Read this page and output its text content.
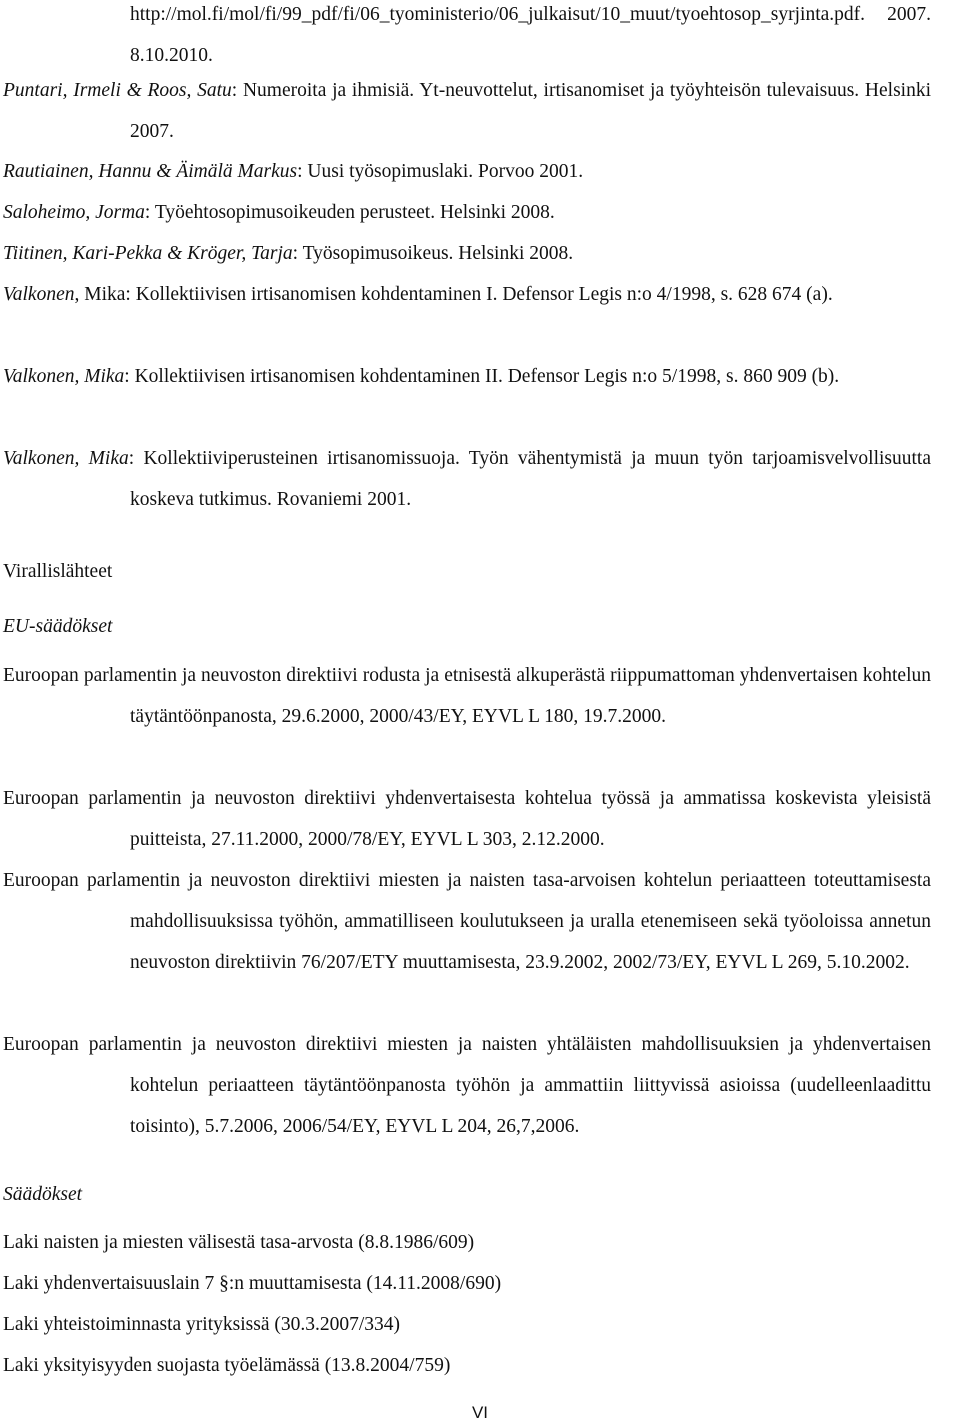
http://mol.fi/mol/fi/99_pdf/fi/06_tyoministerio/06_julkaisut/10_muut/tyoehtosop_syrjinta.pdf. 2007. 8.10.2010.
Puntari, Irmeli & Roos, Satu: Numeroita ja ihmisiä. Yt-neuvottelut, irtisanomiset ja työyhteisön tulevaisuus. Helsinki 2007.
Rautiainen, Hannu & Äimälä Markus: Uusi työsopimuslaki. Porvoo 2001.
Saloheimo, Jorma: Työehtosopimusoikeuden perusteet. Helsinki 2008.
Tiitinen, Kari-Pekka & Kröger, Tarja: Työsopimusoikeus. Helsinki 2008.
Valkonen, Mika: Kollektiivisen irtisanomisen kohdentaminen I. Defensor Legis n:o 4/1998, s. 628 674 (a).
Valkonen, Mika: Kollektiivisen irtisanomisen kohdentaminen II. Defensor Legis n:o 5/1998, s. 860 909 (b).
Valkonen, Mika: Kollektiiviperusteinen irtisanomissuoja. Työn vähentymistä ja muun työn tarjoamisvelvollisuutta koskeva tutkimus. Rovaniemi 2001.
Virallislähteet
EU-säädökset
Euroopan parlamentin ja neuvoston direktiivi rodusta ja etnisestä alkuperästä riippumattoman yhdenvertaisen kohtelun täytäntöönpanosta, 29.6.2000, 2000/43/EY, EYVL L 180, 19.7.2000.
Euroopan parlamentin ja neuvoston direktiivi yhdenvertaisesta kohtelua työssä ja ammatissa koskevista yleisistä puitteista, 27.11.2000, 2000/78/EY, EYVL L 303, 2.12.2000.
Euroopan parlamentin ja neuvoston direktiivi miesten ja naisten tasa-arvoisen kohtelun periaatteen toteuttamisesta mahdollisuuksissa työhön, ammatilliseen koulutukseen ja uralla etenemiseen sekä työoloissa annetun neuvoston direktiivin 76/207/ETY muuttamisesta, 23.9.2002, 2002/73/EY, EYVL L 269, 5.10.2002.
Euroopan parlamentin ja neuvoston direktiivi miesten ja naisten yhtäläisten mahdollisuuksien ja yhdenvertaisen kohtelun periaatteen täytäntöönpanosta työhön ja ammattiin liittyvissä asioissa (uudelleenlaadittu toisinto), 5.7.2006, 2006/54/EY, EYVL L 204, 26,7,2006.
Säädökset
Laki naisten ja miesten välisestä tasa-arvosta (8.8.1986/609)
Laki yhdenvertaisuuslain 7 §:n muuttamisesta (14.11.2008/690)
Laki yhteistoiminnasta yrityksissä (30.3.2007/334)
Laki yksityisyyden suojasta työelämässä (13.8.2004/759)
VI
